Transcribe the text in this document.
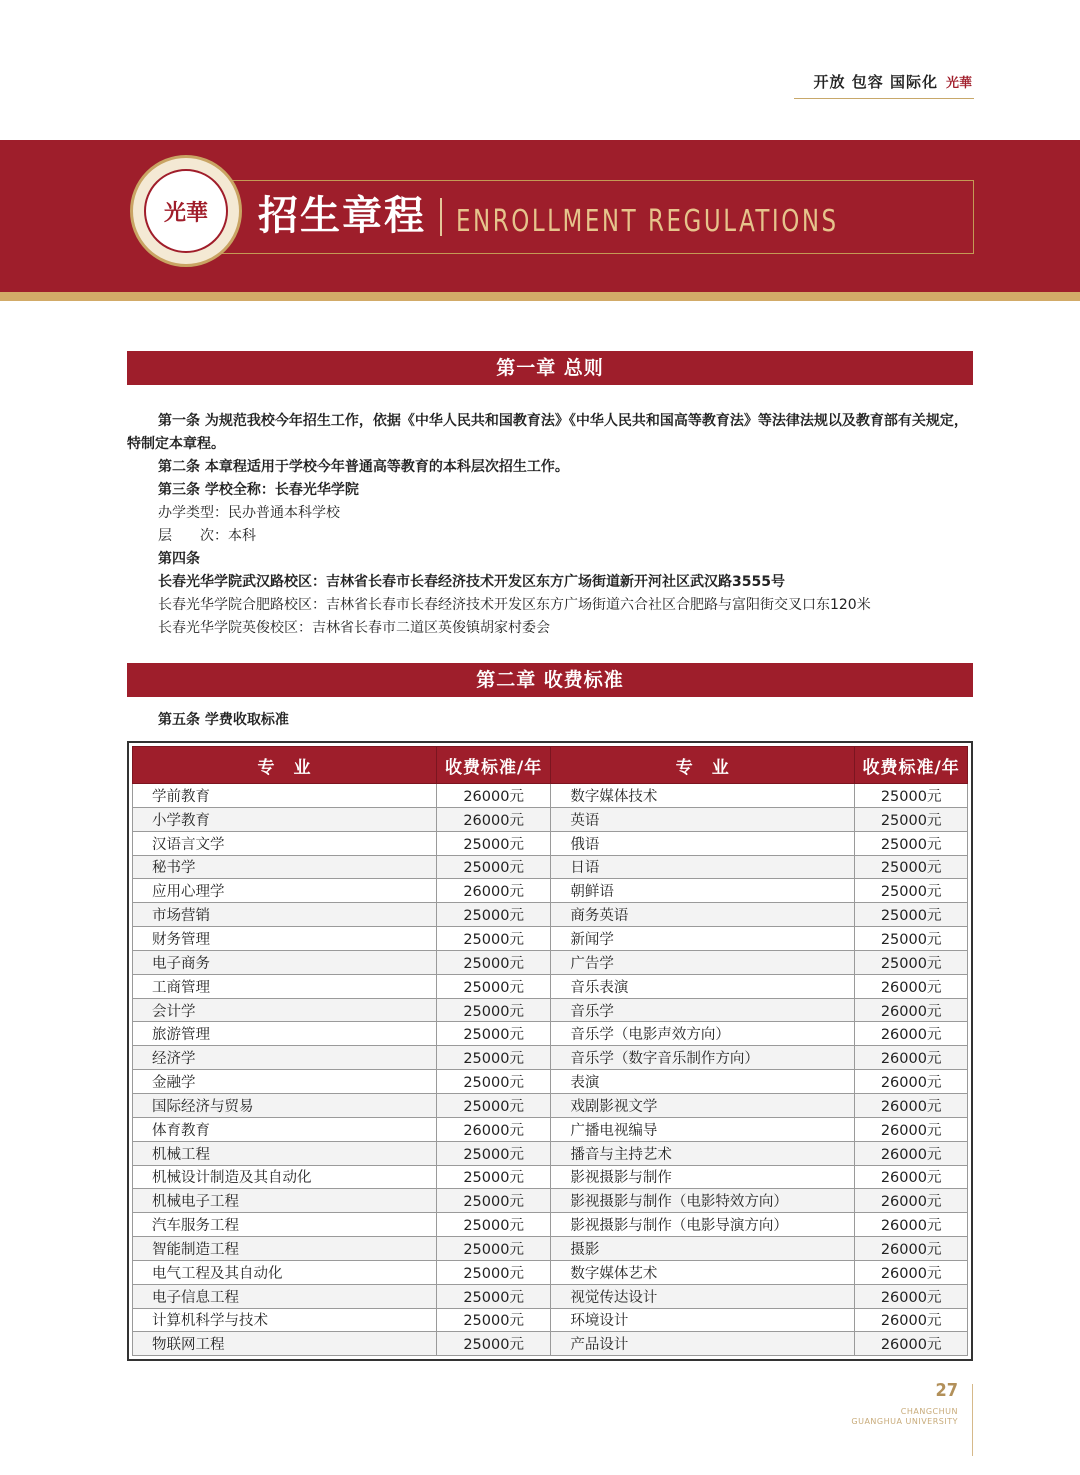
开放 包容 国际化 光華
光華 招生章程 ENROLLMENT REGULATIONS
第一章 总则

第一条 为规范我校今年招生工作，依据《中华人民共和国教育法》《中华人民共和国高等教育法》等法律法规以及教育部有关规定，特制定本章程。

第二条 本章程适用于学校今年普通高等教育的本科层次招生工作。

第三条 学校全称：长春光华学院

办学类型：民办普通本科学校

层　　次：本科

第四条

长春光华学院武汉路校区：吉林省长春市长春经济技术开发区东方广场街道新开河社区武汉路3555号

长春光华学院合肥路校区：吉林省长春市长春经济技术开发区东方广场街道六合社区合肥路与富阳街交叉口东120米

长春光华学院英俊校区：吉林省长春市二道区英俊镇胡家村委会

第二章 收费标准
第五条 学费收取标准
专　业	收费标准/年	专　业	收费标准/年
学前教育	26000元	数字媒体技术	25000元
小学教育	26000元	英语	25000元
汉语言文学	25000元	俄语	25000元
秘书学	25000元	日语	25000元
应用心理学	26000元	朝鲜语	25000元
市场营销	25000元	商务英语	25000元
财务管理	25000元	新闻学	25000元
电子商务	25000元	广告学	25000元
工商管理	25000元	音乐表演	26000元
会计学	25000元	音乐学	26000元
旅游管理	25000元	音乐学（电影声效方向）	26000元
经济学	25000元	音乐学（数字音乐制作方向）	26000元
金融学	25000元	表演	26000元
国际经济与贸易	25000元	戏剧影视文学	26000元
体育教育	26000元	广播电视编导	26000元
机械工程	25000元	播音与主持艺术	26000元
机械设计制造及其自动化	25000元	影视摄影与制作	26000元
机械电子工程	25000元	影视摄影与制作（电影特效方向）	26000元
汽车服务工程	25000元	影视摄影与制作（电影导演方向）	26000元
智能制造工程	25000元	摄影	26000元
电气工程及其自动化	25000元	数字媒体艺术	26000元
电子信息工程	25000元	视觉传达设计	26000元
计算机科学与技术	25000元	环境设计	26000元
物联网工程	25000元	产品设计	26000元
27
CHANGCHUN
GUANGHUA UNIVERSITY
